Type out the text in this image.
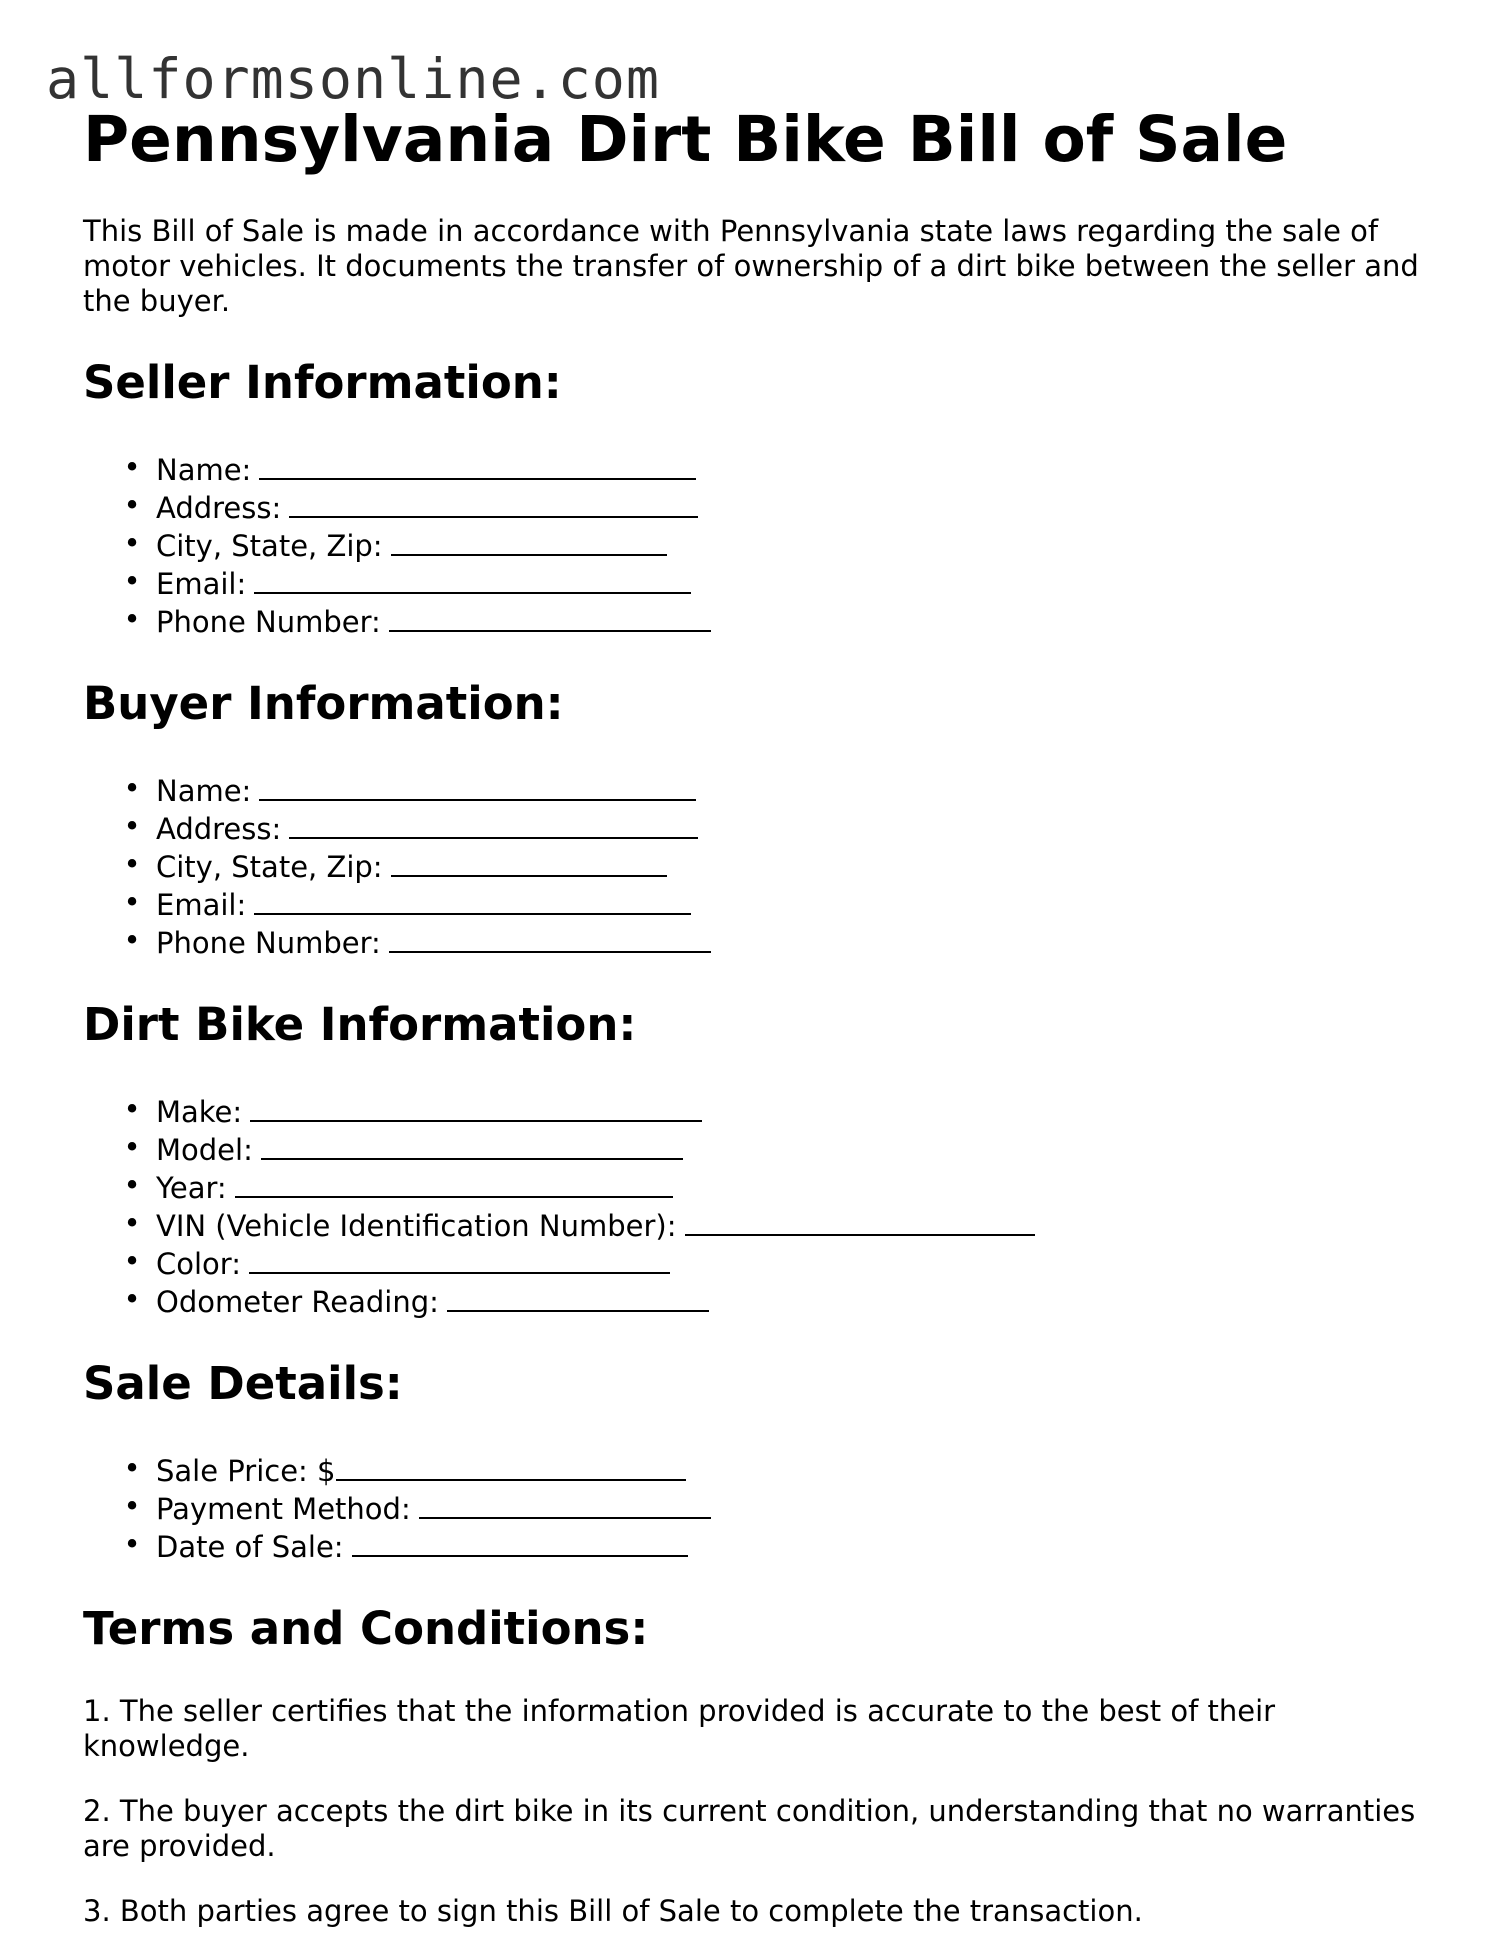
allformsonline.com
Pennsylvania Dirt Bike Bill of Sale

This Bill of Sale is made in accordance with Pennsylvania state laws regarding the sale of motor vehicles. It documents the transfer of ownership of a dirt bike between the seller and the buyer.

Seller Information:
• Name:
• Address:
• City, State, Zip:
• Email:
• Phone Number:
Buyer Information:
• Name:
• Address:
• City, State, Zip:
• Email:
• Phone Number:
Dirt Bike Information:
• Make:
• Model:
• Year:
• VIN (Vehicle Identification Number):
• Color:
• Odometer Reading:
Sale Details:
• Sale Price: $
• Payment Method:
• Date of Sale:
Terms and Conditions:

1. The seller certifies that the information provided is accurate to the best of their knowledge.

2. The buyer accepts the dirt bike in its current condition, understanding that no warranties are provided.

3. Both parties agree to sign this Bill of Sale to complete the transaction.
